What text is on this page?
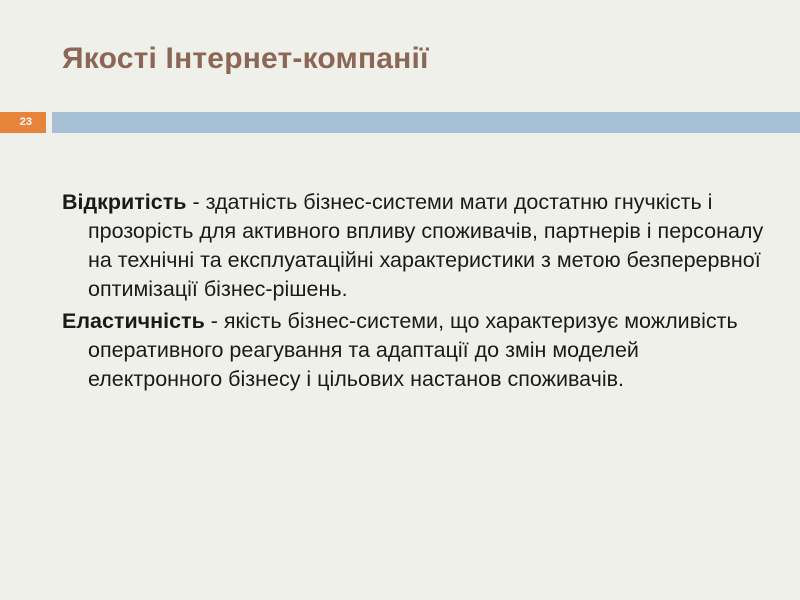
Якості Інтернет-компанії
23

Відкритість - здатність бізнес-системи мати достатню гнучкість і прозорість для активного впливу споживачів, партнерів і персоналу на технічні та експлуатаційні характеристики з метою безперервної оптимізації бізнес-рішень.

Еластичність - якість бізнес-системи, що характеризує можливість оперативного реагування та адаптації до змін моделей електронного бізнесу і цільових настанов споживачів.
